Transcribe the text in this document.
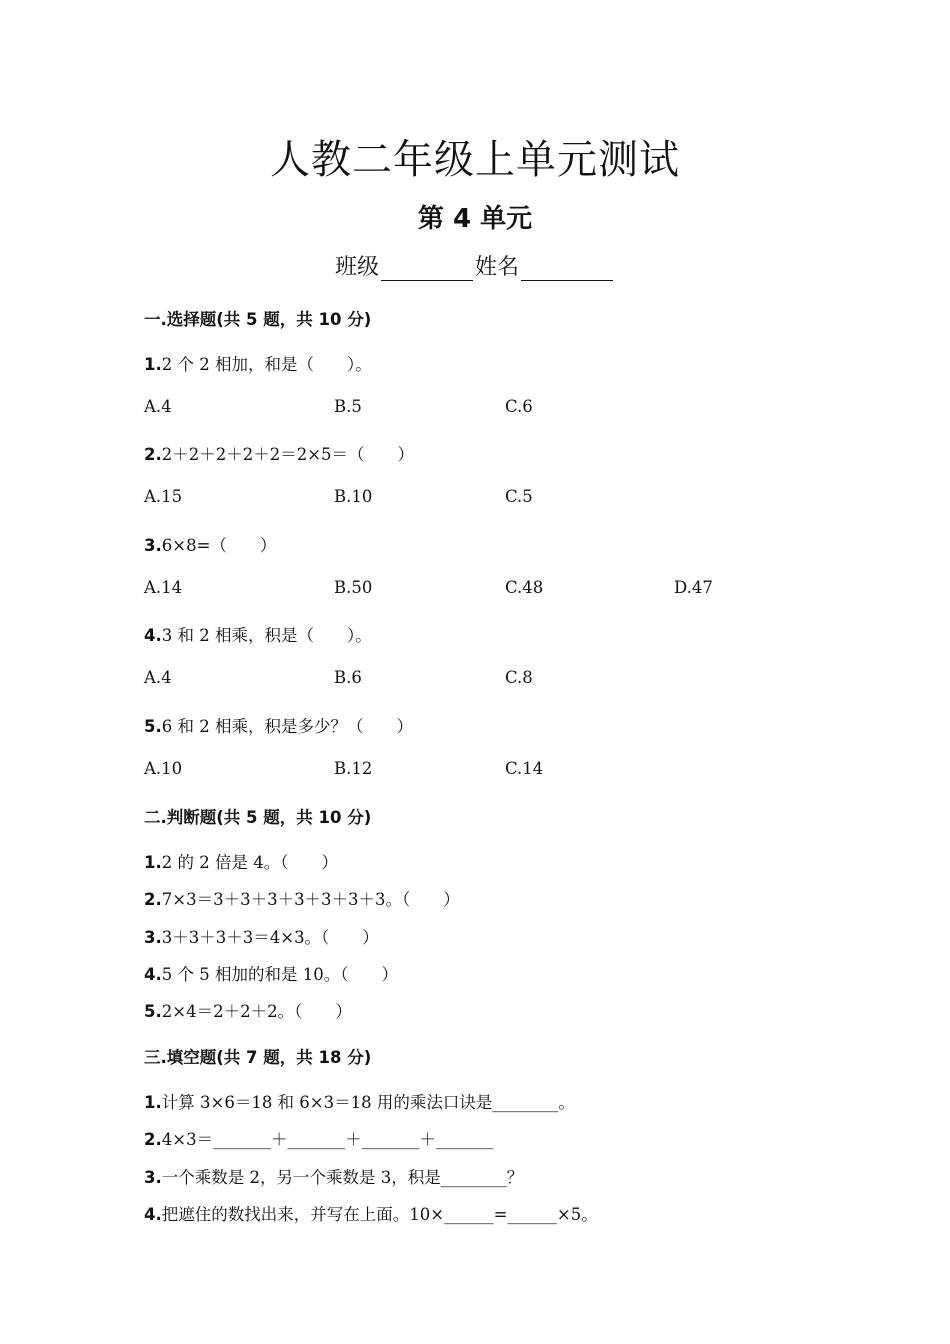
人教二年级上单元测试
第 4 单元
班级	姓名
一.选择题(共 5 题，共 10 分)
1.2 个 2 相加，和是（　　）。
A.4	B.5	C.6
2.2＋2＋2＋2＋2＝2×5＝（　　）
A.15	B.10	C.5
3.6×8=（　　）
A.14	B.50	C.48	D.47
4.3 和 2 相乘，积是（　　）。
A.4	B.6	C.8
5.6 和 2 相乘，积是多少？（　　）
A.10	B.12	C.14
二.判断题(共 5 题，共 10 分)
1.2 的 2 倍是 4。（　　）
2.7×3＝3＋3＋3＋3＋3＋3＋3。（　　）
3.3＋3＋3＋3＝4×3。（　　）
4.5 个 5 相加的和是 10。（　　）
5.2×4＝2＋2＋2。（　　）
三.填空题(共 7 题，共 18 分)
1.计算 3×6＝18 和 6×3＝18 用的乘法口诀是________。
2.4×3＝_______＋_______＋_______＋_______
3.一个乘数是 2，另一个乘数是 3，积是________？
4.把遮住的数找出来，并写在上面。10×______=______×5。
